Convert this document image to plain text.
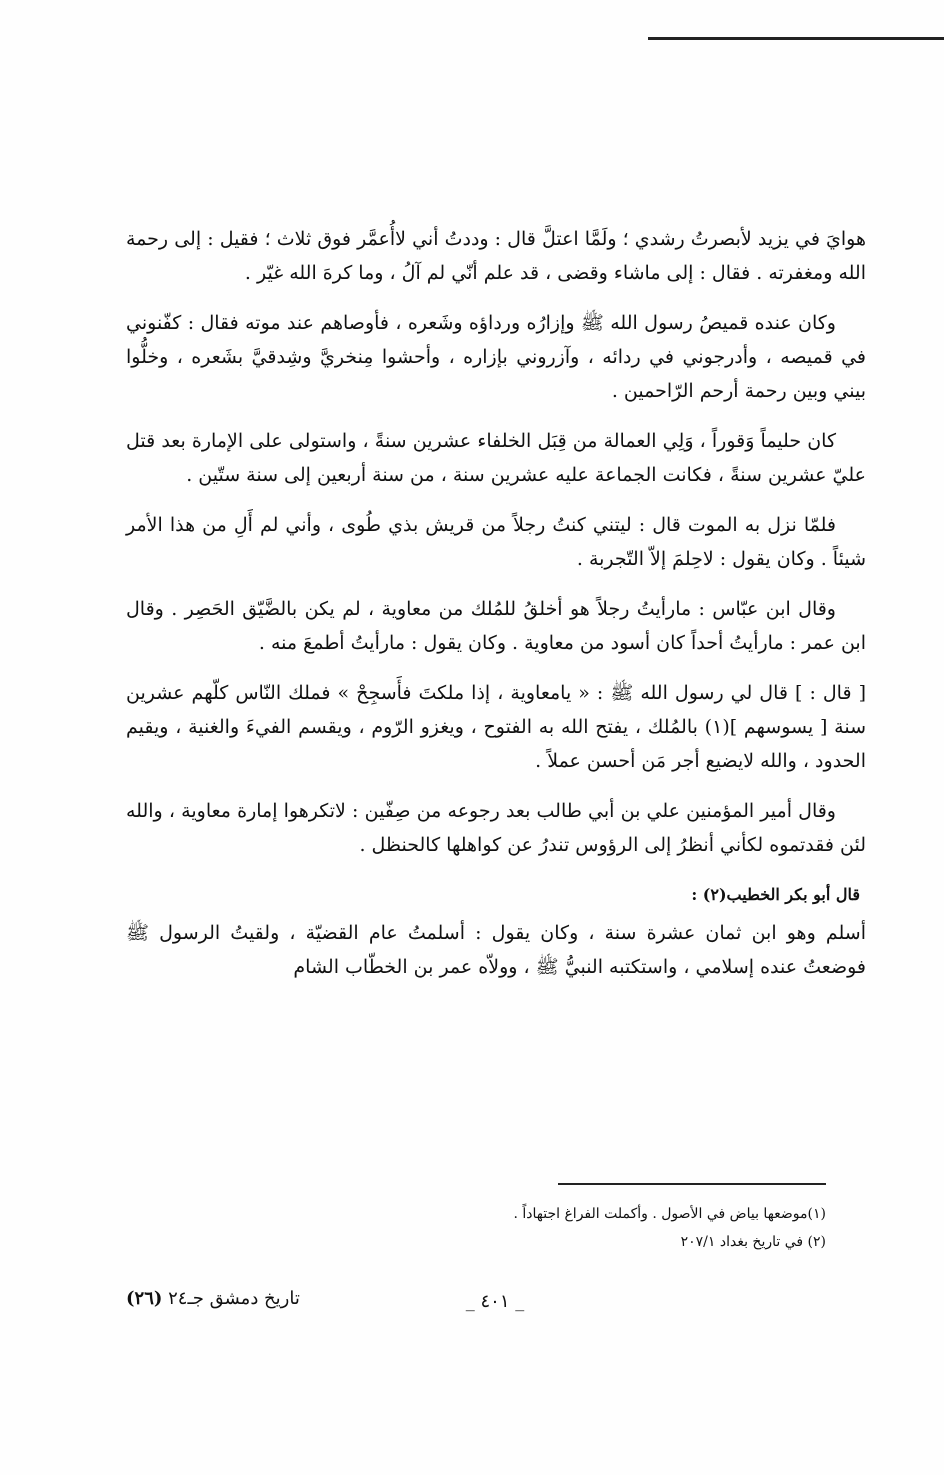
هوايَ في يزيد لأبصرتُ رشدي ؛ ولَمَّا اعتلَّ قال : وددتُ أني لاأُعمَّر فوق ثلاث ؛ فقيل : إلى رحمة الله ومغفرته . فقال : إلى ماشاء وقضى ، قد علم أنّي لم آلُ ، وما كرهَ الله غيّر .

وكان عنده قميصُ رسول الله ﷺ وإزارُه ورداؤه وشَعره ، فأوصاهم عند موته فقال : كفّنوني في قميصه ، وأدرجوني في ردائه ، وآزروني بإزاره ، وأحشوا مِنخريَّ وشِدقيَّ بشَعره ، وخلُّوا بيني وبين رحمة أرحم الرّاحمين .

كان حليماً وَقوراً ، وَلِي العمالة من قِبَل الخلفاء عشرين سنةً ، واستولى على الإمارة بعد قتل عليّ عشرين سنةً ، فكانت الجماعة عليه عشرين سنة ، من سنة أربعين إلى سنة ستّين .

فلمّا نزل به الموت قال : ليتني كنتُ رجلاً من قريش بذي طُوى ، وأني لم أَلِ من هذا الأمر شيئاً . وكان يقول : لاحِلمَ إلاّ التّجربة .

وقال ابن عبّاس : مارأيتُ رجلاً هو أخلقُ للمُلك من معاوية ، لم يكن بالضَّيّق الحَصِر . وقال ابن عمر : مارأيتُ أحداً كان أسود من معاوية . وكان يقول : مارأيتُ أطمعَ منه .

[ قال : ] قال لي رسول الله ﷺ : « يامعاوية ، إذا ملكتَ فأَسجِحْ » فملك النّاس كلّهم عشرين سنة [ يسوسهم ](١) بالمُلك ، يفتح الله به الفتوح ، ويغزو الرّوم ، ويقسم الفيءَ والغنية ، ويقيم الحدود ، والله لايضيع أجر مَن أحسن عملاً .

وقال أمير المؤمنين علي بن أبي طالب بعد رجوعه من صِفّين : لاتكرهوا إمارة معاوية ، والله لئن فقدتموه لكأني أنظرُ إلى الرؤوس تندرُ عن كواهلها كالحنظل .

قال أبو بكر الخطيب(٢) :

أسلم وهو ابن ثمان عشرة سنة ، وكان يقول : أسلمتُ عام القضيّة ، ولقيتُ الرسول ﷺ فوضعتُ عنده إسلامي ، واستكتبه النبيُّ ﷺ ، وولاّه عمر بن الخطّاب الشام

(١)موضعها بياض في الأصول . وأكملت الفراغ اجتهاداً .

(٢) في تاريخ بغداد ٢٠٧/١

تاريخ دمشق جـ٢٤ (٢٦)	_ ٤٠١ _
